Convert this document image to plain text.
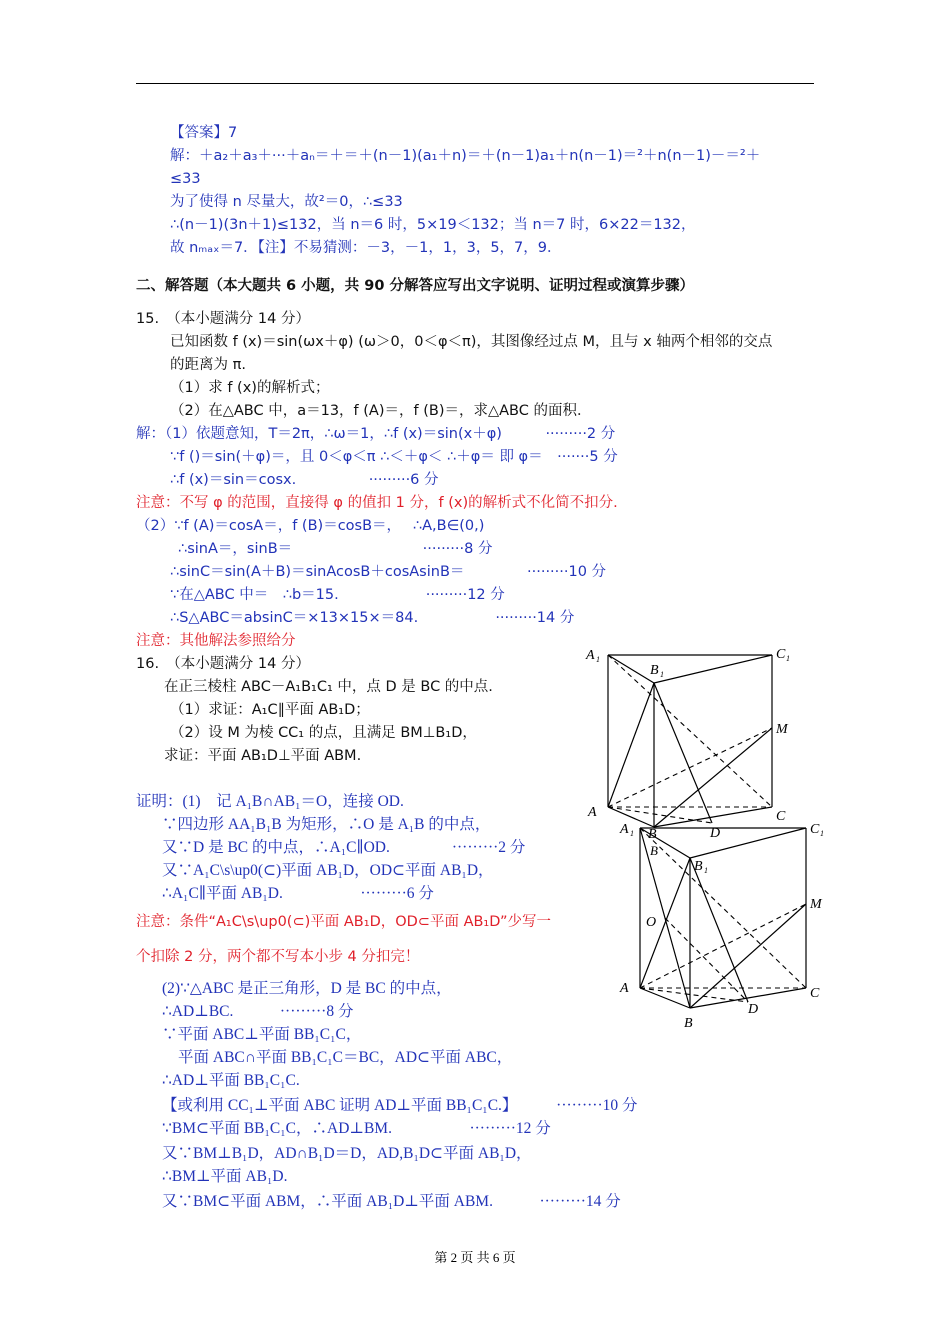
【答案】7
解：＋a₂＋a₃＋···＋aₙ＝＋＝＋(n－1)(a₁＋n)＝＋(n－1)a₁＋n(n－1)＝²＋n(n－1)－＝²＋
≤33
为了使得 n 尽量大，故²＝0，∴≤33
∴(n－1)(3n＋1)≤132，当 n＝6 时，5×19＜132；当 n＝7 时，6×22＝132，
故 nₘₐₓ＝7．【注】不易猜测：－3，－1，1，3，5，7，9．
二、解答题（本大题共 6 小题，共 90 分解答应写出文字说明、证明过程或演算步骤）
15.　（本小题满分 14 分）
已知函数 f (x)＝sin(ωx＋φ) (ω＞0，0＜φ＜π)，其图像经过点 M，且与 x 轴两个相邻的交点
的距离为 π.
（1）求 f (x)的解析式；
（2）在△ABC 中，a＝13，f (A)＝，f (B)＝，求△ABC 的面积．
解：（1）依题意知，T＝2π，∴ω＝1，∴f (x)＝sin(x＋φ)　　　·········2 分
∵f ()＝sin(＋φ)＝，且 0＜φ＜π ∴＜＋φ＜ ∴＋φ＝ 即 φ＝　·······5 分
∴f (x)＝sin＝cosx.　　　　　·········6 分
注意：不写 φ 的范围，直接得 φ 的值扣 1 分，f (x)的解析式不化简不扣分.
（2）∵f (A)＝cosA＝，f (B)＝cosB＝，　 ∴A,B∈(0,)
∴sinA＝，sinB＝　　　　　　　　　·········8 分
∴sinC＝sin(A＋B)＝sinAcosB＋cosAsinB＝　　　　 ·········10 分
∵在△ABC 中＝　∴b＝15.　　　　　　·········12 分
∴S△ABC＝absinC＝×13×15×＝84.　　　　　 ·········14 分
注意：其他解法参照给分
16.　（本小题满分 14 分）
在正三棱柱 ABC－A₁B₁C₁ 中，点 D 是 BC 的中点.
（1）求证：A₁C∥平面 AB₁D；
（2）设 M 为棱 CC₁ 的点，且满足 BM⊥B₁D，
求证：平面 AB₁D⊥平面 ABM.
证明：(1)　记 A₁B∩AB₁＝O，连接 OD.
∵四边形 AA₁B₁B 为矩形，∴O 是 A₁B 的中点，
又∵D 是 BC 的中点，∴A₁C∥OD.　　　　·········2 分
又∵A₁C\s\up0(⊂)平面 AB₁D，OD⊂平面 AB₁D，
∴A₁C∥平面 AB₁D.　　　　　·········6 分
注意：条件“A₁C\s\up0(⊂)平面 AB₁D，OD⊂平面 AB₁D”少写一
个扣除 2 分，两个都不写本小步 4 分扣完！
(2)∵△ABC 是正三角形，D 是 BC 的中点，
∴AD⊥BC.　　　·········8 分
∵平面 ABC⊥平面 BB₁C₁C，
平面 ABC∩平面 BB₁C₁C＝BC，AD⊂平面 ABC，
∴AD⊥平面 BB₁C₁C.
【或利用 CC₁⊥平面 ABC 证明 AD⊥平面 BB₁C₁C.】　　　·········10 分
∵BM⊂平面 BB₁C₁C，∴AD⊥BM.　　　　　·········12 分
又∵BM⊥B₁D，AD∩B₁D＝D，AD,B₁D⊂平面 AB₁D，
∴BM⊥平面 AB₁D.
又∵BM⊂平面 ABM，∴平面 AB₁D⊥平面 ABM.　　　·········14 分
A 1
B 1
C 1
M
A	C
D
B
A 1
B 1
C 1
M
O
A	C
D
B
B
第 2 页 共 6 页
